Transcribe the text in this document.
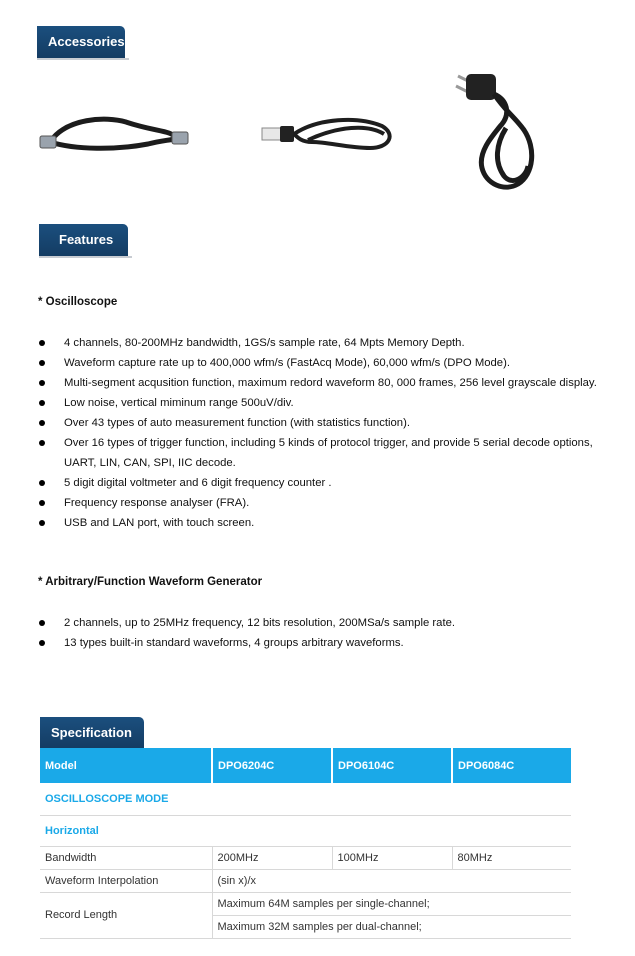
Accessories
Features
* Oscilloscope
4 channels, 80-200MHz bandwidth, 1GS/s sample rate, 64 Mpts Memory Depth.
Waveform capture rate up to 400,000 wfm/s (FastAcq Mode), 60,000 wfm/s (DPO Mode).
Multi-segment acqusition function, maximum redord waveform 80, 000 frames, 256 level grayscale display.
Low noise, vertical miminum range 500uV/div.
Over 43 types of auto measurement function (with statistics function).
Over 16 types of trigger function, including 5 kinds of protocol trigger, and provide 5 serial decode options, UART, LIN, CAN, SPI, IIC decode.
5 digit digital voltmeter and 6 digit frequency counter .
Frequency response analyser (FRA).
USB and LAN port, with touch screen.
* Arbitrary/Function Waveform Generator
2 channels, up to 25MHz frequency, 12 bits resolution, 200MSa/s sample rate.
13 types built-in standard waveforms, 4 groups arbitrary waveforms.
Specification
Model	DPO6204C	DPO6104C	DPO6084C
OSCILLOSCOPE MODE			
Horizontal			
Bandwidth	200MHz	100MHz	80MHz
Waveform Interpolation	(sin x)/x		
Record Length	Maximum 64M samples per single-channel;		
	Maximum 32M samples per dual-channel;		
